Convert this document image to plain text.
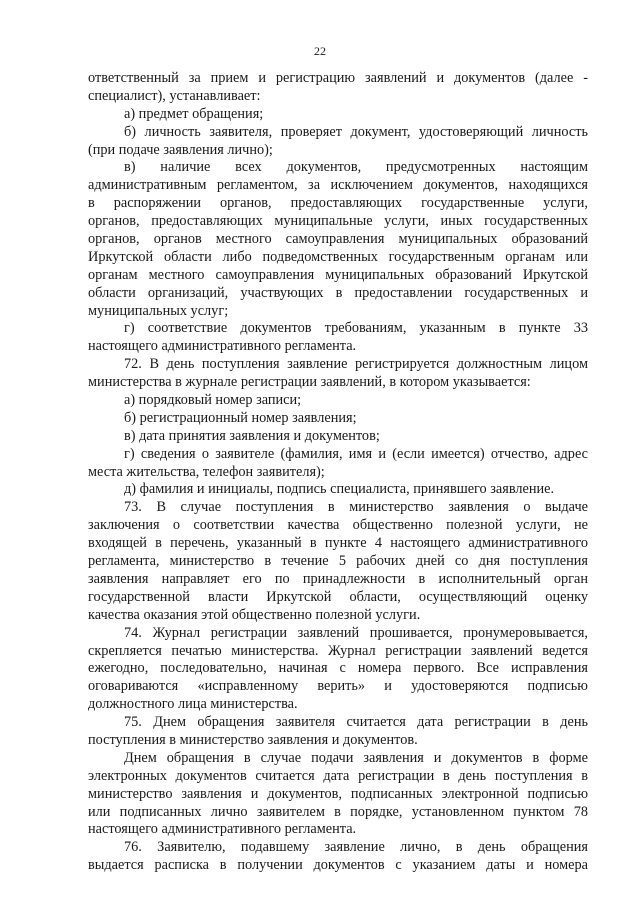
22
ответственный за прием и регистрацию заявлений и документов (далее -
специалист), устанавливает:
а) предмет обращения;
б) личность заявителя, проверяет документ, удостоверяющий личность
(при подаче заявления лично);
в) наличие всех документов, предусмотренных настоящим
административным регламентом, за исключением документов, находящихся
в распоряжении органов, предоставляющих государственные услуги,
органов, предоставляющих муниципальные услуги, иных государственных
органов, органов местного самоуправления муниципальных образований
Иркутской области либо подведомственных государственным органам или
органам местного самоуправления муниципальных образований Иркутской
области организаций, участвующих в предоставлении государственных и
муниципальных услуг;
г) соответствие документов требованиям, указанным в пункте 33
настоящего административного регламента.
72. В день поступления заявление регистрируется должностным лицом
министерства в журнале регистрации заявлений, в котором указывается:
а) порядковый номер записи;
б) регистрационный номер заявления;
в) дата принятия заявления и документов;
г) сведения о заявителе (фамилия, имя и (если имеется) отчество, адрес
места жительства, телефон заявителя);
д) фамилия и инициалы, подпись специалиста, принявшего заявление.
73. В случае поступления в министерство заявления о выдаче
заключения о соответствии качества общественно полезной услуги, не
входящей в перечень, указанный в пункте 4 настоящего административного
регламента, министерство в течение 5 рабочих дней со дня поступления
заявления направляет его по принадлежности в исполнительный орган
государственной власти Иркутской области, осуществляющий оценку
качества оказания этой общественно полезной услуги.
74. Журнал регистрации заявлений прошивается, пронумеровывается,
скрепляется печатью министерства. Журнал регистрации заявлений ведется
ежегодно, последовательно, начиная с номера первого. Все исправления
оговариваются «исправленному верить» и удостоверяются подписью
должностного лица министерства.
75. Днем обращения заявителя считается дата регистрации в день
поступления в министерство заявления и документов.
Днем обращения в случае подачи заявления и документов в форме
электронных документов считается дата регистрации в день поступления в
министерство заявления и документов, подписанных электронной подписью
или подписанных лично заявителем в порядке, установленном пунктом 78
настоящего административного регламента.
76. Заявителю, подавшему заявление лично, в день обращения
выдается расписка в получении документов с указанием даты и номера
